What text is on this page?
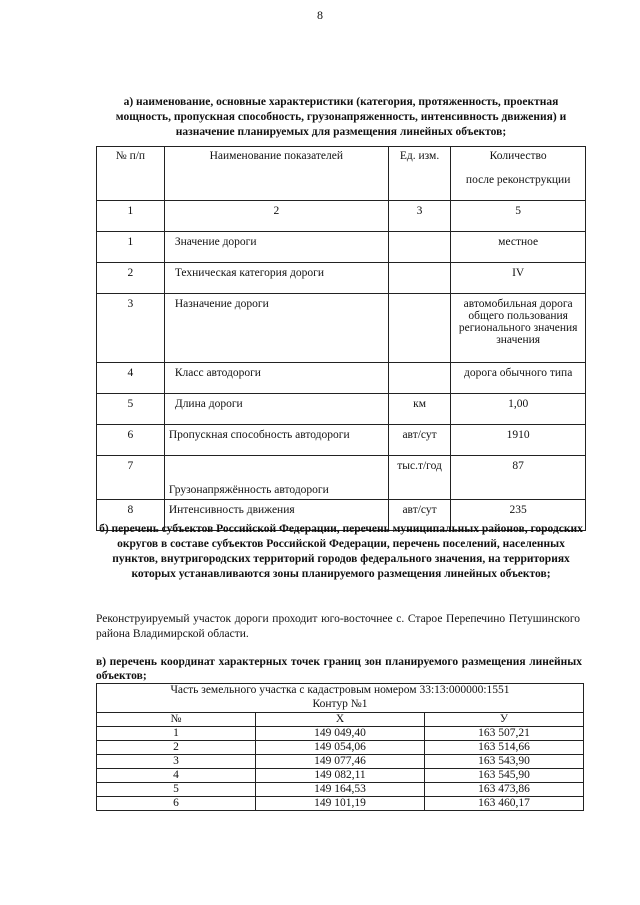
8
а) наименование, основные характеристики (категория, протяженность, проектная мощность, пропускная способность, грузонапряженность, интенсивность движения) и назначение планируемых для размещения линейных объектов;
№ п/п	Наименование показателей	Ед. изм.	Количество

после реконструкции
1	2	3	5
1	Значение дороги		местное
2	Техническая категория дороги		IV
3	Назначение дороги		автомобильная дорога общего пользования регионального значения значения
4	Класс автодороги		дорога обычного типа
5	Длина дороги	км	1,00
6	Пропускная способность автодороги	авт/сут	1910
7	Грузонапряжённость автодороги	тыс.т/год	87
8	Интенсивность движения	авт/сут	235
б) перечень субъектов Российской Федерации, перечень муниципальных районов, городских округов в составе субъектов Российской Федерации, перечень поселений, населенных пунктов, внутригородских территорий городов федерального значения, на территориях которых устанавливаются зоны планируемого размещения линейных объектов;
Реконструируемый участок дороги проходит юго-восточнее с. Старое Перепечино Петушинского района Владимирской области.
в) перечень координат характерных точек границ зон планируемого размещения линейных объектов;
Часть земельного участка с кадастровым номером 33:13:000000:1551		
Контур №1		
№	X	У
1	149 049,40	163 507,21
2	149 054,06	163 514,66
3	149 077,46	163 543,90
4	149 082,11	163 545,90
5	149 164,53	163 473,86
6	149 101,19	163 460,17
